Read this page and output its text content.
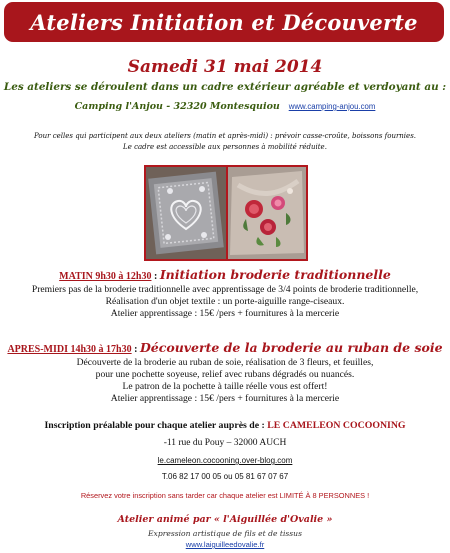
Ateliers Initiation et Découverte
Samedi 31 mai 2014
Les ateliers se déroulent dans un cadre extérieur agréable et verdoyant au :
Camping l'Anjou - 32320 Montesquiou www.camping-anjou.com
Pour celles qui participent aux deux ateliers (matin et après-midi) : prévoir casse-croûte, boissons fournies.
Le cadre est accessible aux personnes à mobilité réduite.
MATIN 9h30 à 12h30 : Initiation broderie traditionnelle
Premiers pas de la broderie traditionnelle avec apprentissage de 3/4 points de broderie traditionnelle,
Réalisation d'un objet textile : un porte-aiguille range-ciseaux.
Atelier apprentissage : 15€ /pers + fournitures à la mercerie
APRES-MIDI 14h30 à 17h30 : Découverte de la broderie au ruban de soie
Découverte de la broderie au ruban de soie, réalisation de 3 fleurs, et feuilles,
pour une pochette soyeuse, relief avec rubans dégradés ou nuancés.
Le patron de la pochette à taille réelle vous est offert!
Atelier apprentissage : 15€ /pers + fournitures à la mercerie
Inscription préalable pour chaque atelier auprès de : LE CAMELEON COCOONING
-11 rue du Pouy – 32000 AUCH
le.cameleon.cocooning.over-blog.com
T.06 82 17 00 05 ou 05 81 67 07 67
Réservez votre inscription sans tarder car chaque atelier est LIMITÉ À 8 PERSONNES !
Atelier animé par « l'Aiguillée d'Ovalie »
Expression artistique de fils et de tissus
www.laiguilleedovalie.fr
